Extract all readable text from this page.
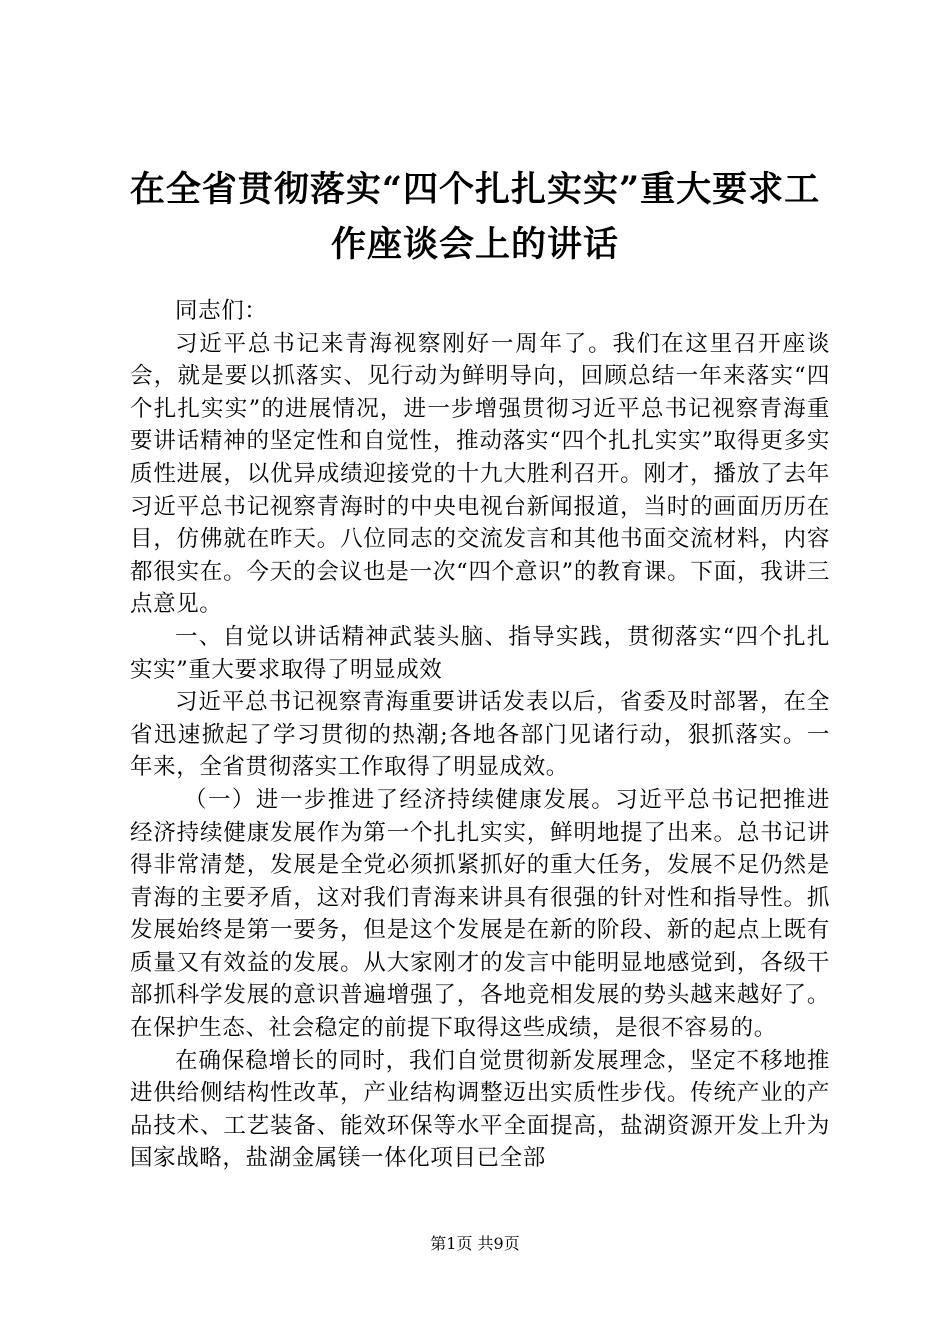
在全省贯彻落实“四个扎扎实实”重大要求工作座谈会上的讲话

同志们：

习近平总书记来青海视察刚好一周年了。我们在这里召开座谈会，就是要以抓落实、见行动为鲜明导向，回顾总结一年来落实“四个扎扎实实”的进展情况，进一步增强贯彻习近平总书记视察青海重要讲话精神的坚定性和自觉性，推动落实“四个扎扎实实”取得更多实质性进展，以优异成绩迎接党的十九大胜利召开。刚才，播放了去年习近平总书记视察青海时的中央电视台新闻报道，当时的画面历历在目，仿佛就在昨天。八位同志的交流发言和其他书面交流材料，内容都很实在。今天的会议也是一次“四个意识”的教育课。下面，我讲三点意见。

一、自觉以讲话精神武装头脑、指导实践，贯彻落实“四个扎扎实实”重大要求取得了明显成效

习近平总书记视察青海重要讲话发表以后，省委及时部署，在全省迅速掀起了学习贯彻的热潮;各地各部门见诸行动，狠抓落实。一年来，全省贯彻落实工作取得了明显成效。

（一）进一步推进了经济持续健康发展。习近平总书记把推进经济持续健康发展作为第一个扎扎实实，鲜明地提了出来。总书记讲得非常清楚，发展是全党必须抓紧抓好的重大任务，发展不足仍然是青海的主要矛盾，这对我们青海来讲具有很强的针对性和指导性。抓发展始终是第一要务，但是这个发展是在新的阶段、新的起点上既有质量又有效益的发展。从大家刚才的发言中能明显地感觉到，各级干部抓科学发展的意识普遍增强了，各地竞相发展的势头越来越好了。在保护生态、社会稳定的前提下取得这些成绩，是很不容易的。

在确保稳增长的同时，我们自觉贯彻新发展理念，坚定不移地推进供给侧结构性改革，产业结构调整迈出实质性步伐。传统产业的产品技术、工艺装备、能效环保等水平全面提高，盐湖资源开发上升为国家战略，盐湖金属镁一体化项目已全部

第1页 共9页
